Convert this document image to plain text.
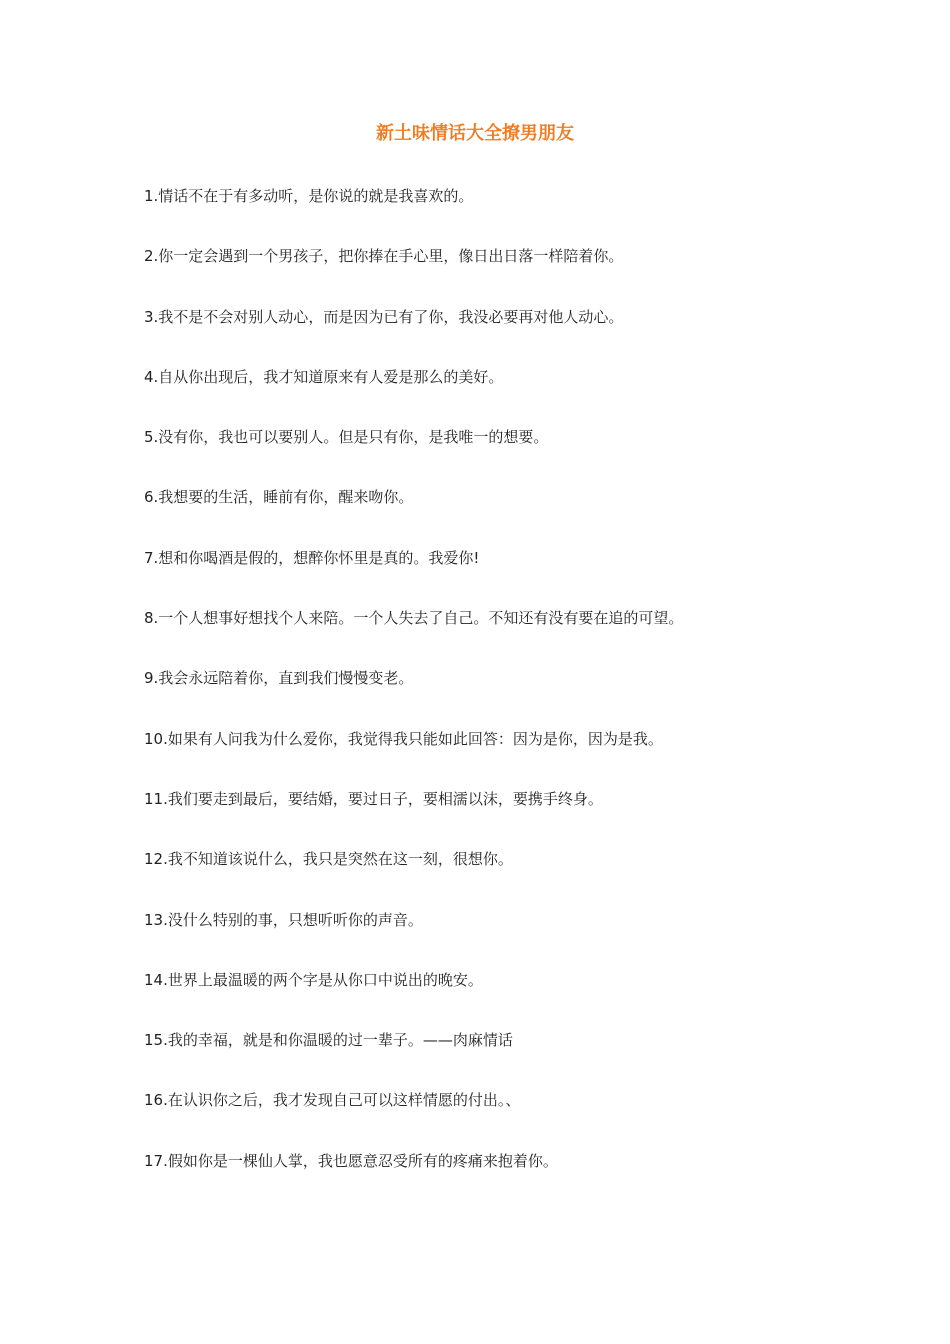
新土味情话大全撩男朋友
1.情话不在于有多动听，是你说的就是我喜欢的。
2.你一定会遇到一个男孩子，把你捧在手心里，像日出日落一样陪着你。
3.我不是不会对别人动心，而是因为已有了你，我没必要再对他人动心。
4.自从你出现后，我才知道原来有人爱是那么的美好。
5.没有你，我也可以要别人。但是只有你，是我唯一的想要。
6.我想要的生活，睡前有你，醒来吻你。
7.想和你喝酒是假的，想醉你怀里是真的。我爱你!
8.一个人想事好想找个人来陪。一个人失去了自己。不知还有没有要在追的可望。
9.我会永远陪着你，直到我们慢慢变老。
10.如果有人问我为什么爱你，我觉得我只能如此回答：因为是你，因为是我。
11.我们要走到最后，要结婚，要过日子，要相濡以沫，要携手终身。
12.我不知道该说什么，我只是突然在这一刻，很想你。
13.没什么特别的事，只想听听你的声音。
14.世界上最温暖的两个字是从你口中说出的晚安。
15.我的幸福，就是和你温暖的过一辈子。——肉麻情话
16.在认识你之后，我才发现自己可以这样情愿的付出。、
17.假如你是一棵仙人掌，我也愿意忍受所有的疼痛来抱着你。
